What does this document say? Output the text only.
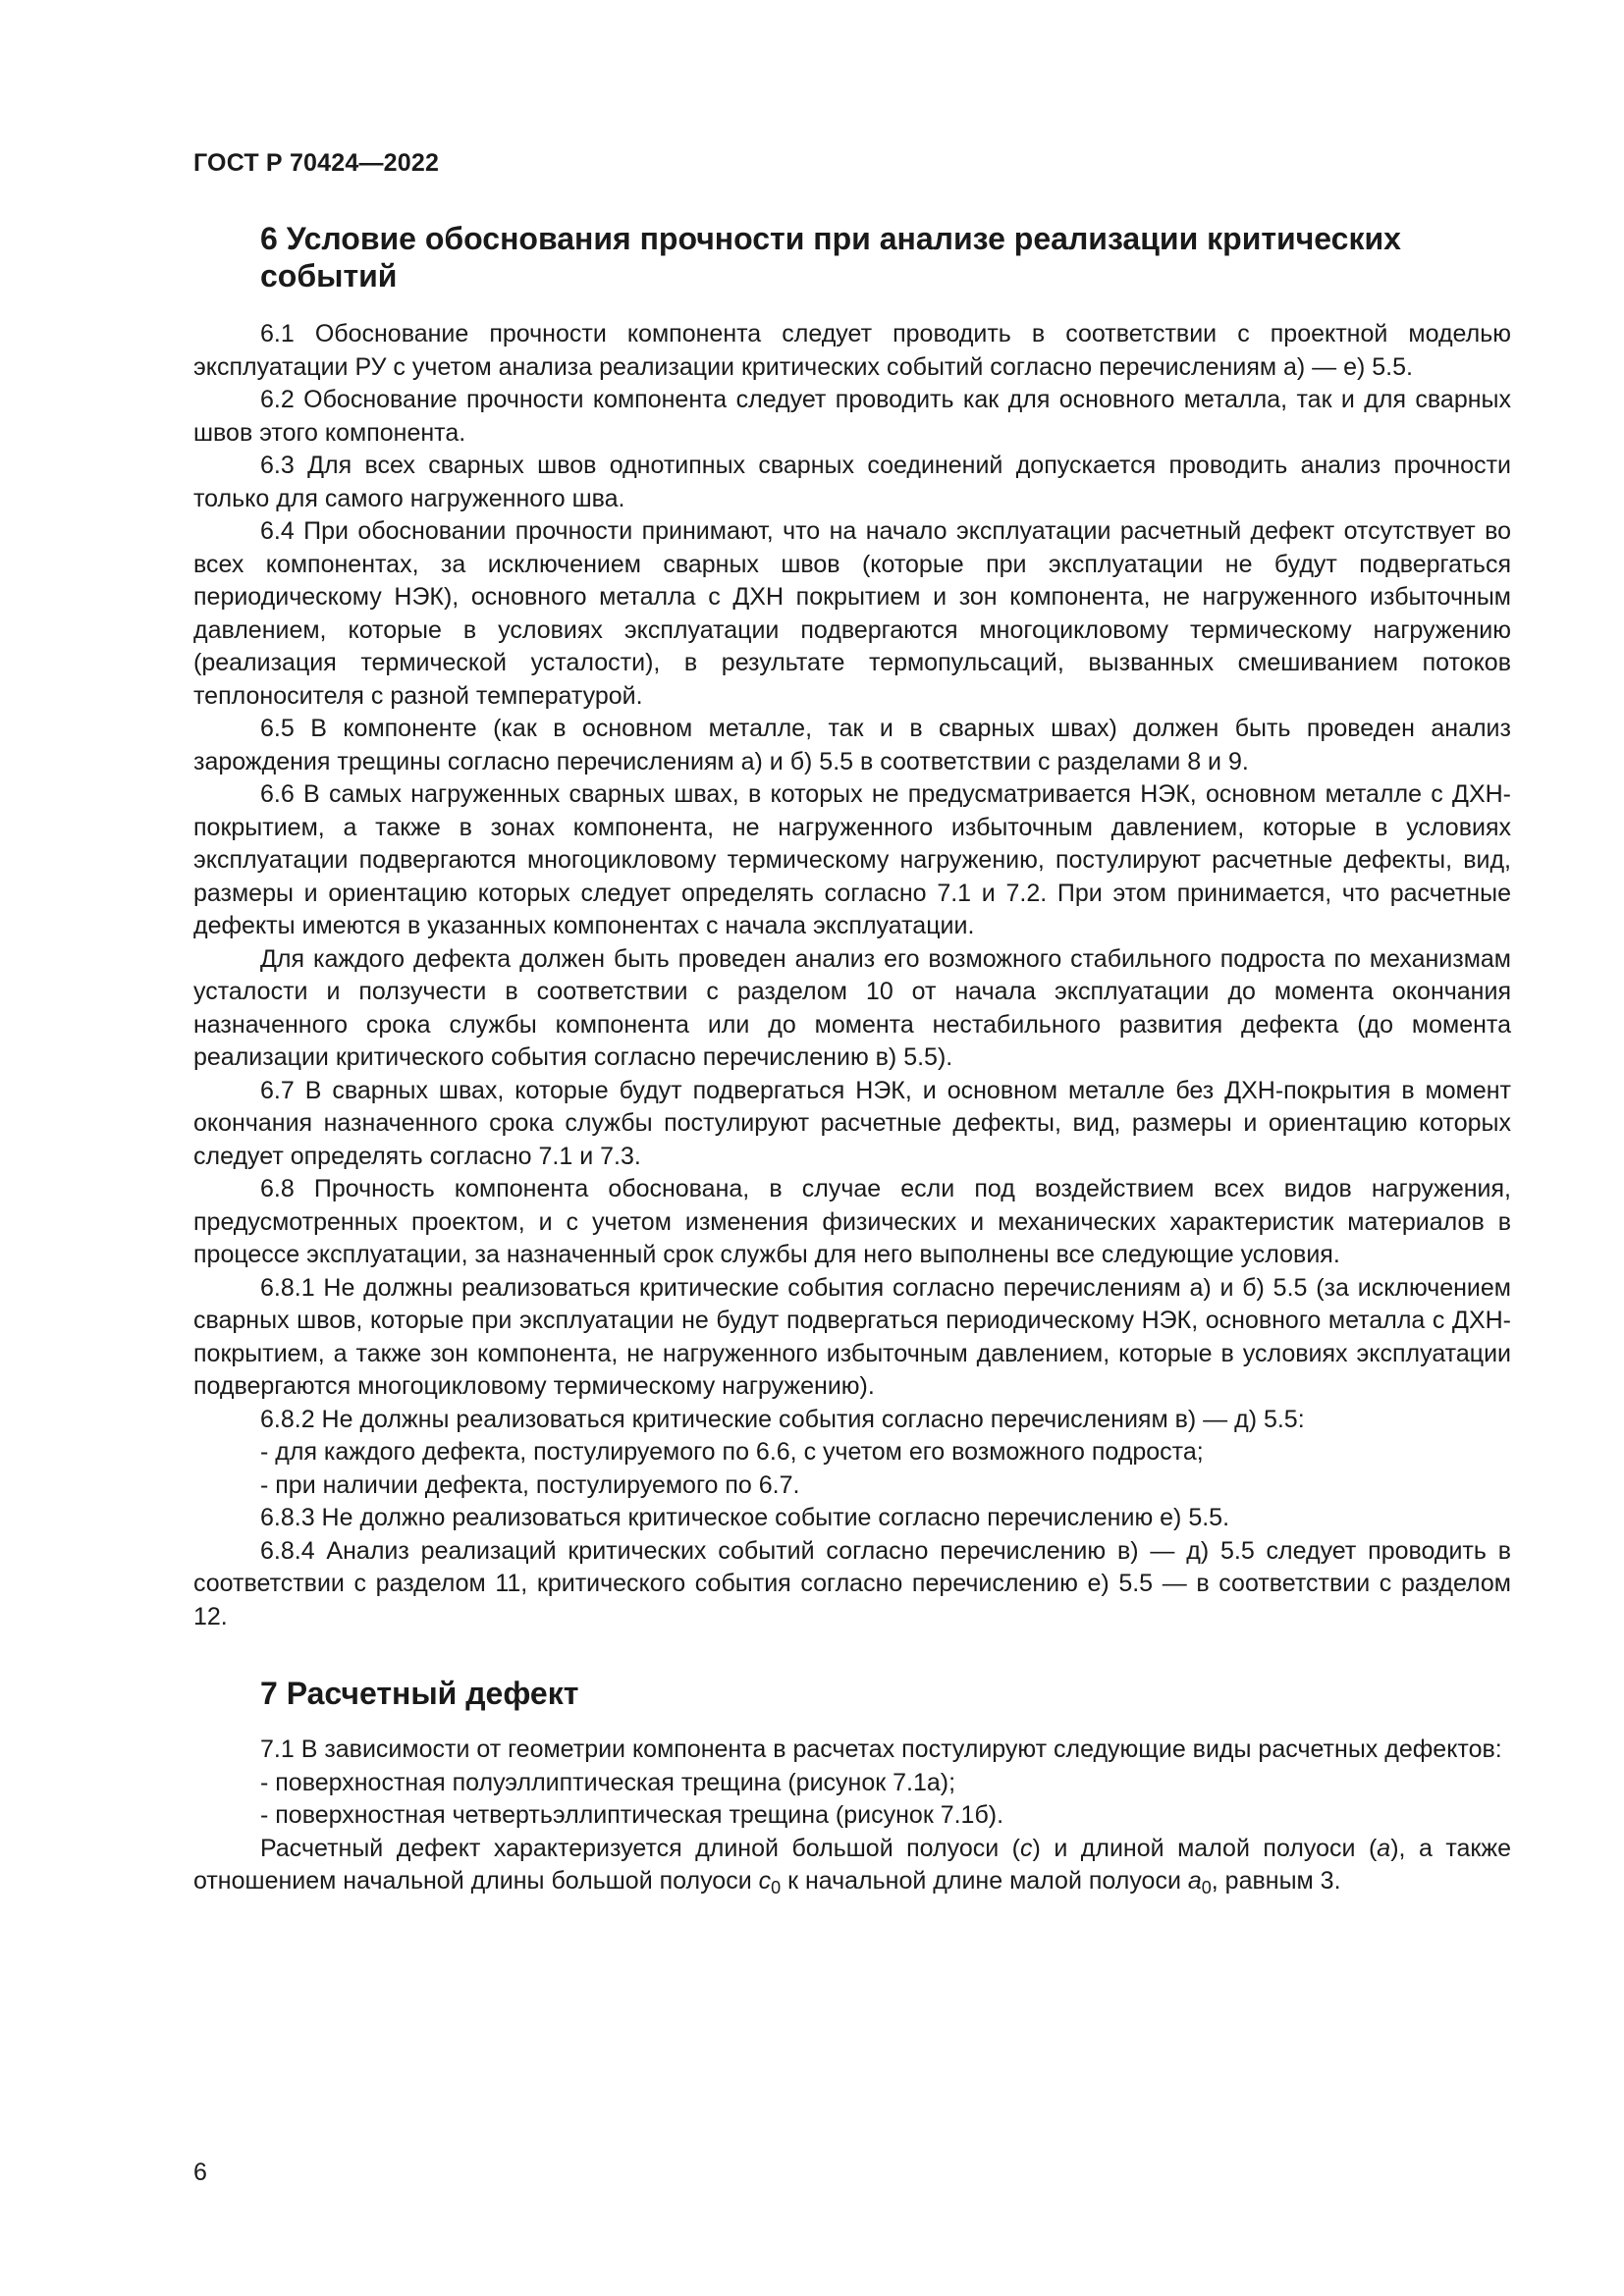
ГОСТ Р 70424—2022
6 Условие обоснования прочности при анализе реализации критических событий

6.1 Обоснование прочности компонента следует проводить в соответствии с проектной моделью эксплуатации РУ с учетом анализа реализации критических событий согласно перечислениям а) — е) 5.5.

6.2 Обоснование прочности компонента следует проводить как для основного металла, так и для сварных швов этого компонента.

6.3 Для всех сварных швов однотипных сварных соединений допускается проводить анализ прочности только для самого нагруженного шва.

6.4 При обосновании прочности принимают, что на начало эксплуатации расчетный дефект отсутствует во всех компонентах, за исключением сварных швов (которые при эксплуатации не будут подвергаться периодическому НЭК), основного металла с ДХН покрытием и зон компонента, не нагруженного избыточным давлением, которые в условиях эксплуатации подвергаются многоцикловому термическому нагружению (реализация термической усталости), в результате термопульсаций, вызванных смешиванием потоков теплоносителя с разной температурой.

6.5 В компоненте (как в основном металле, так и в сварных швах) должен быть проведен анализ зарождения трещины согласно перечислениям а) и б) 5.5 в соответствии с разделами 8 и 9.

6.6 В самых нагруженных сварных швах, в которых не предусматривается НЭК, основном металле с ДХН-покрытием, а также в зонах компонента, не нагруженного избыточным давлением, которые в условиях эксплуатации подвергаются многоцикловому термическому нагружению, постулируют расчетные дефекты, вид, размеры и ориентацию которых следует определять согласно 7.1 и 7.2. При этом принимается, что расчетные дефекты имеются в указанных компонентах с начала эксплуатации.

Для каждого дефекта должен быть проведен анализ его возможного стабильного подроста по механизмам усталости и ползучести в соответствии с разделом 10 от начала эксплуатации до момента окончания назначенного срока службы компонента или до момента нестабильного развития дефекта (до момента реализации критического события согласно перечислению в) 5.5).

6.7 В сварных швах, которые будут подвергаться НЭК, и основном металле без ДХН-покрытия в момент окончания назначенного срока службы постулируют расчетные дефекты, вид, размеры и ориентацию которых следует определять согласно 7.1 и 7.3.

6.8 Прочность компонента обоснована, в случае если под воздействием всех видов нагружения, предусмотренных проектом, и с учетом изменения физических и механических характеристик материалов в процессе эксплуатации, за назначенный срок службы для него выполнены все следующие условия.

6.8.1 Не должны реализоваться критические события согласно перечислениям а) и б) 5.5 (за исключением сварных швов, которые при эксплуатации не будут подвергаться периодическому НЭК, основного металла с ДХН-покрытием, а также зон компонента, не нагруженного избыточным давлением, которые в условиях эксплуатации подвергаются многоцикловому термическому нагружению).

6.8.2 Не должны реализоваться критические события согласно перечислениям в) — д) 5.5:

- для каждого дефекта, постулируемого по 6.6, с учетом его возможного подроста;

- при наличии дефекта, постулируемого по 6.7.

6.8.3 Не должно реализоваться критическое событие согласно перечислению е) 5.5.

6.8.4 Анализ реализаций критических событий согласно перечислению в) — д) 5.5 следует проводить в соответствии с разделом 11, критического события согласно перечислению е) 5.5 — в соответствии с разделом 12.

7 Расчетный дефект

7.1 В зависимости от геометрии компонента в расчетах постулируют следующие виды расчетных дефектов:

- поверхностная полуэллиптическая трещина (рисунок 7.1а);

- поверхностная четвертьэллиптическая трещина (рисунок 7.1б).

Расчетный дефект характеризуется длиной большой полуоси (с) и длиной малой полуоси (а), а также отношением начальной длины большой полуоси $с_0$ к начальной длине малой полуоси $а_0$, равным 3.

6
